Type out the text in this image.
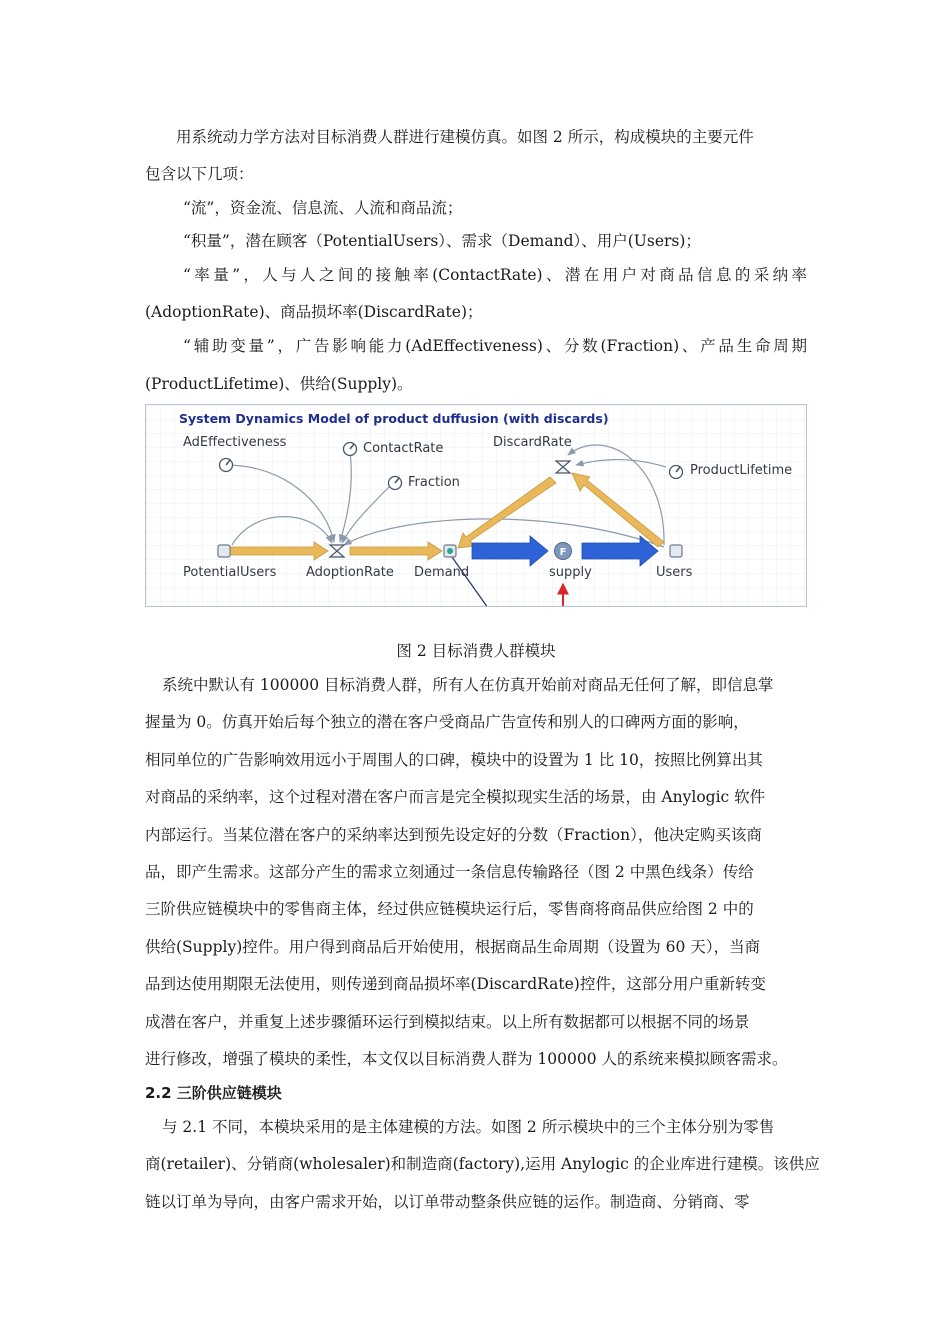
用系统动力学方法对目标消费人群进行建模仿真。如图 2 所示，构成模块的主要元件
包含以下几项：
“流”，资金流、信息流、人流和商品流；
“积量”，潜在顾客（PotentialUsers）、需求（Demand）、用户(Users)；
“率量”，人与人之间的接触率(ContactRate)、潜在用户对商品信息的采纳率
(AdoptionRate)、商品损坏率(DiscardRate)；
“辅助变量”，广告影响能力(AdEffectiveness)、分数(Fraction)、产品生命周期
(ProductLifetime)、供给(Supply)。
System Dynamics Model of product duffusion (with discards)
F
AdEffectiveness	ContactRate
Fraction
DiscardRate
ProductLifetime
PotentialUsers AdoptionRate Demand	supply	Users
图 2 目标消费人群模块
系统中默认有 100000 目标消费人群，所有人在仿真开始前对商品无任何了解，即信息掌
握量为 0。仿真开始后每个独立的潜在客户受商品广告宣传和别人的口碑两方面的影响，
相同单位的广告影响效用远小于周围人的口碑，模块中的设置为 1 比 10，按照比例算出其
对商品的采纳率，这个过程对潜在客户而言是完全模拟现实生活的场景，由 Anylogic 软件
内部运行。当某位潜在客户的采纳率达到预先设定好的分数（Fraction），他决定购买该商
品，即产生需求。这部分产生的需求立刻通过一条信息传输路径（图 2 中黑色线条）传给
三阶供应链模块中的零售商主体，经过供应链模块运行后，零售商将商品供应给图 2 中的
供给(Supply)控件。用户得到商品后开始使用，根据商品生命周期（设置为 60 天），当商
品到达使用期限无法使用，则传递到商品损坏率(DiscardRate)控件，这部分用户重新转变
成潜在客户，并重复上述步骤循环运行到模拟结束。以上所有数据都可以根据不同的场景
进行修改，增强了模块的柔性，本文仅以目标消费人群为 100000 人的系统来模拟顾客需求。
2.2 三阶供应链模块
与 2.1 不同，本模块采用的是主体建模的方法。如图 2 所示模块中的三个主体分别为零售
商(retailer)、分销商(wholesaler)和制造商(factory),运用 Anylogic 的企业库进行建模。该供应
链以订单为导向，由客户需求开始，以订单带动整条供应链的运作。制造商、分销商、零
